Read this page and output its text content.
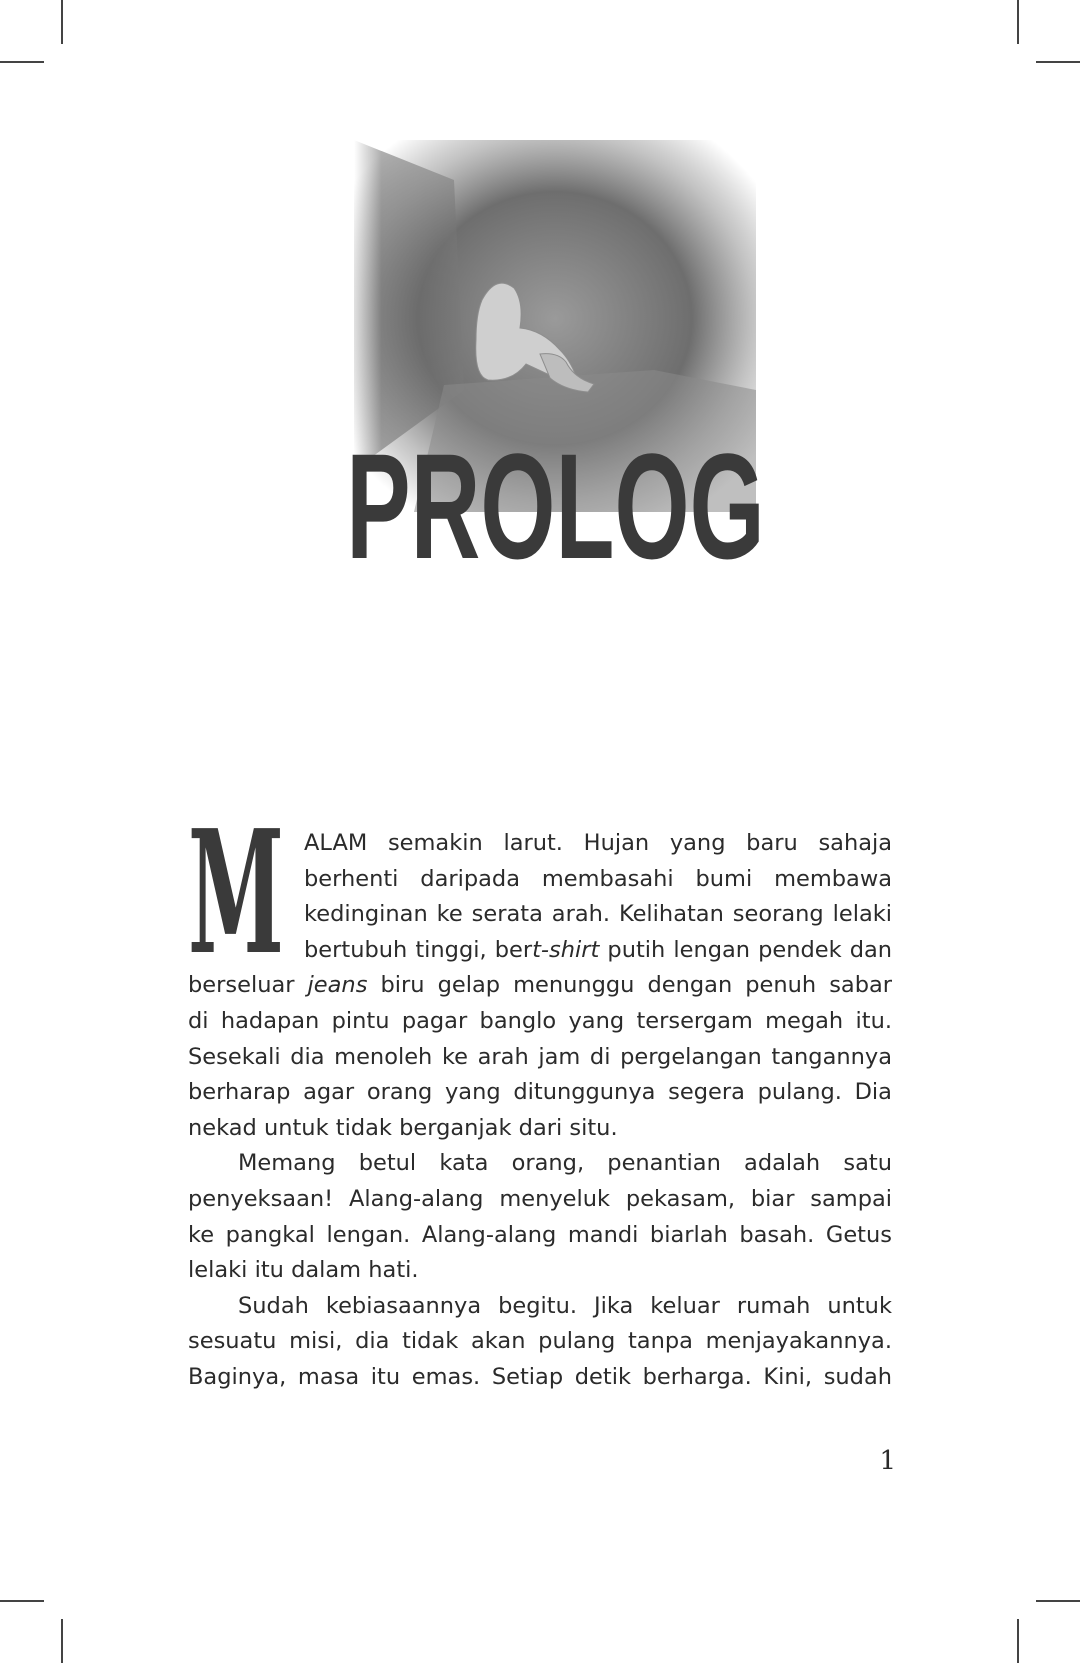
PROLOG
M ALAM semakin larut. Hujan yang baru sahaja
berhenti daripada membasahi bumi membawa
kedinginan ke serata arah. Kelihatan seorang lelaki
bertubuh tinggi, bert-shirt putih lengan pendek dan
berseluar jeans biru gelap menunggu dengan penuh sabar
di hadapan pintu pagar banglo yang tersergam megah itu.
Sesekali dia menoleh ke arah jam di pergelangan tangannya
berharap agar orang yang ditunggunya segera pulang. Dia
nekad untuk tidak berganjak dari situ.
Memang betul kata orang, penantian adalah satu
penyeksaan! Alang-alang menyeluk pekasam, biar sampai
ke pangkal lengan. Alang-alang mandi biarlah basah. Getus
lelaki itu dalam hati.
Sudah kebiasaannya begitu. Jika keluar rumah untuk
sesuatu misi, dia tidak akan pulang tanpa menjayakannya.
Baginya, masa itu emas. Setiap detik berharga. Kini, sudah
1
